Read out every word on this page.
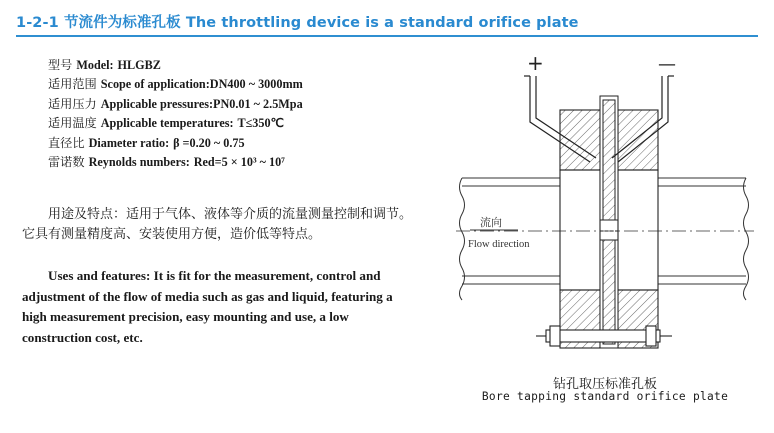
1-2-1 节流件为标准孔板 The throttling device is a standard orifice plate
型号 Model: HLGBZ
适用范围 Scope of application:DN400 ~ 3000mm
适用压力 Applicable pressures:PN0.01 ~ 2.5Mpa
适用温度 Applicable temperatures: T≤350℃
直径比 Diameter ratio: β =0.20 ~ 0.75
雷诺数 Reynolds numbers: Red=5 × 10³ ~ 10⁷
用途及特点：适用于气体、液体等介质的流量测量控制和调节。它具有测量精度高、安装使用方便，造价低等特点。
Uses and features: It is fit for the measurement, control and adjustment of the flow of media such as gas and liquid, featuring a high measurement precision, easy mounting and use, a low construction cost, etc.
+	—
流向
Flow direction
钻孔取压标准孔板
Bore tapping standard orifice plate
